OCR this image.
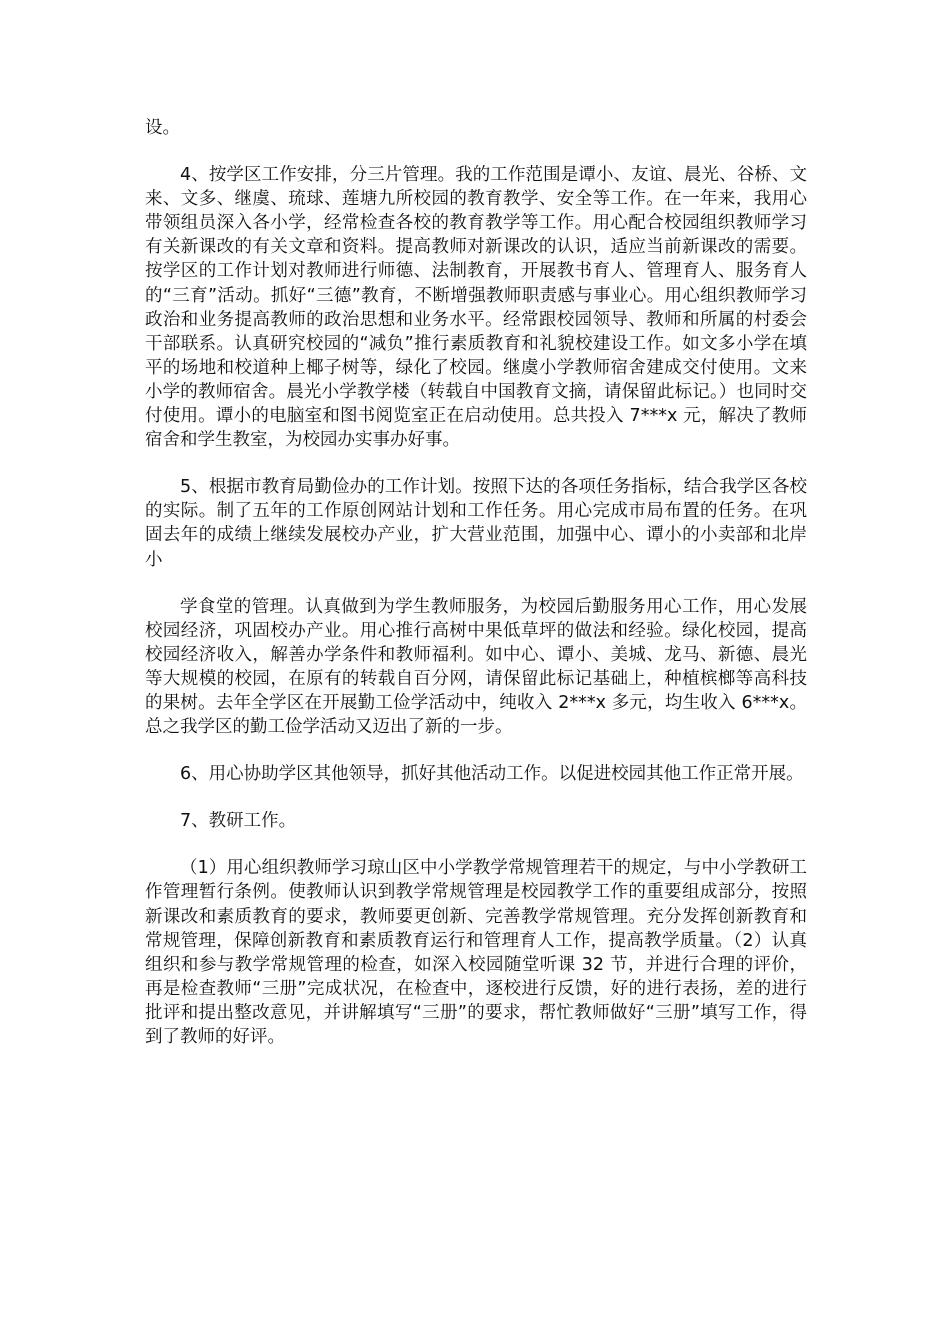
设。

4、按学区工作安排，分三片管理。我的工作范围是谭小、友谊、晨光、谷桥、文来、文多、继虞、琉球、莲塘九所校园的教育教学、安全等工作。在一年来，我用心带领组员深入各小学，经常检查各校的教育教学等工作。用心配合校园组织教师学习有关新课改的有关文章和资料。提高教师对新课改的认识，适应当前新课改的需要。按学区的工作计划对教师进行师德、法制教育，开展教书育人、管理育人、服务育人的“三育”活动。抓好“三德”教育，不断增强教师职责感与事业心。用心组织教师学习政治和业务提高教师的政治思想和业务水平。经常跟校园领导、教师和所属的村委会干部联系。认真研究校园的“减负”推行素质教育和礼貌校建设工作。如文多小学在填平的场地和校道种上椰子树等，绿化了校园。继虞小学教师宿舍建成交付使用。文来小学的教师宿舍。晨光小学教学楼（转载自中国教育文摘，请保留此标记。）也同时交付使用。谭小的电脑室和图书阅览室正在启动使用。总共投入 7***x 元，解决了教师宿舍和学生教室，为校园办实事办好事。

5、根据市教育局勤俭办的工作计划。按照下达的各项任务指标，结合我学区各校的实际。制了五年的工作原创网站计划和工作任务。用心完成市局布置的任务。在巩固去年的成绩上继续发展校办产业，扩大营业范围，加强中心、谭小的小卖部和北岸小

学食堂的管理。认真做到为学生教师服务，为校园后勤服务用心工作，用心发展校园经济，巩固校办产业。用心推行高树中果低草坪的做法和经验。绿化校园，提高校园经济收入，解善办学条件和教师福利。如中心、谭小、美城、龙马、新德、晨光等大规模的校园，在原有的转载自百分网，请保留此标记基础上，种植槟榔等高科技的果树。去年全学区在开展勤工俭学活动中，纯收入 2***x 多元，均生收入 6***x。总之我学区的勤工俭学活动又迈出了新的一步。

6、用心协助学区其他领导，抓好其他活动工作。以促进校园其他工作正常开展。

7、教研工作。

（1）用心组织教师学习琼山区中小学教学常规管理若干的规定，与中小学教研工作管理暂行条例。使教师认识到教学常规管理是校园教学工作的重要组成部分，按照新课改和素质教育的要求，教师要更创新、完善教学常规管理。充分发挥创新教育和常规管理，保障创新教育和素质教育运行和管理育人工作，提高教学质量。（2）认真组织和参与教学常规管理的检查，如深入校园随堂听课 32 节，并进行合理的评价，再是检查教师“三册”完成状况，在检查中，逐校进行反馈，好的进行表扬，差的进行批评和提出整改意见，并讲解填写“三册”的要求，帮忙教师做好“三册”填写工作，得到了教师的好评。
